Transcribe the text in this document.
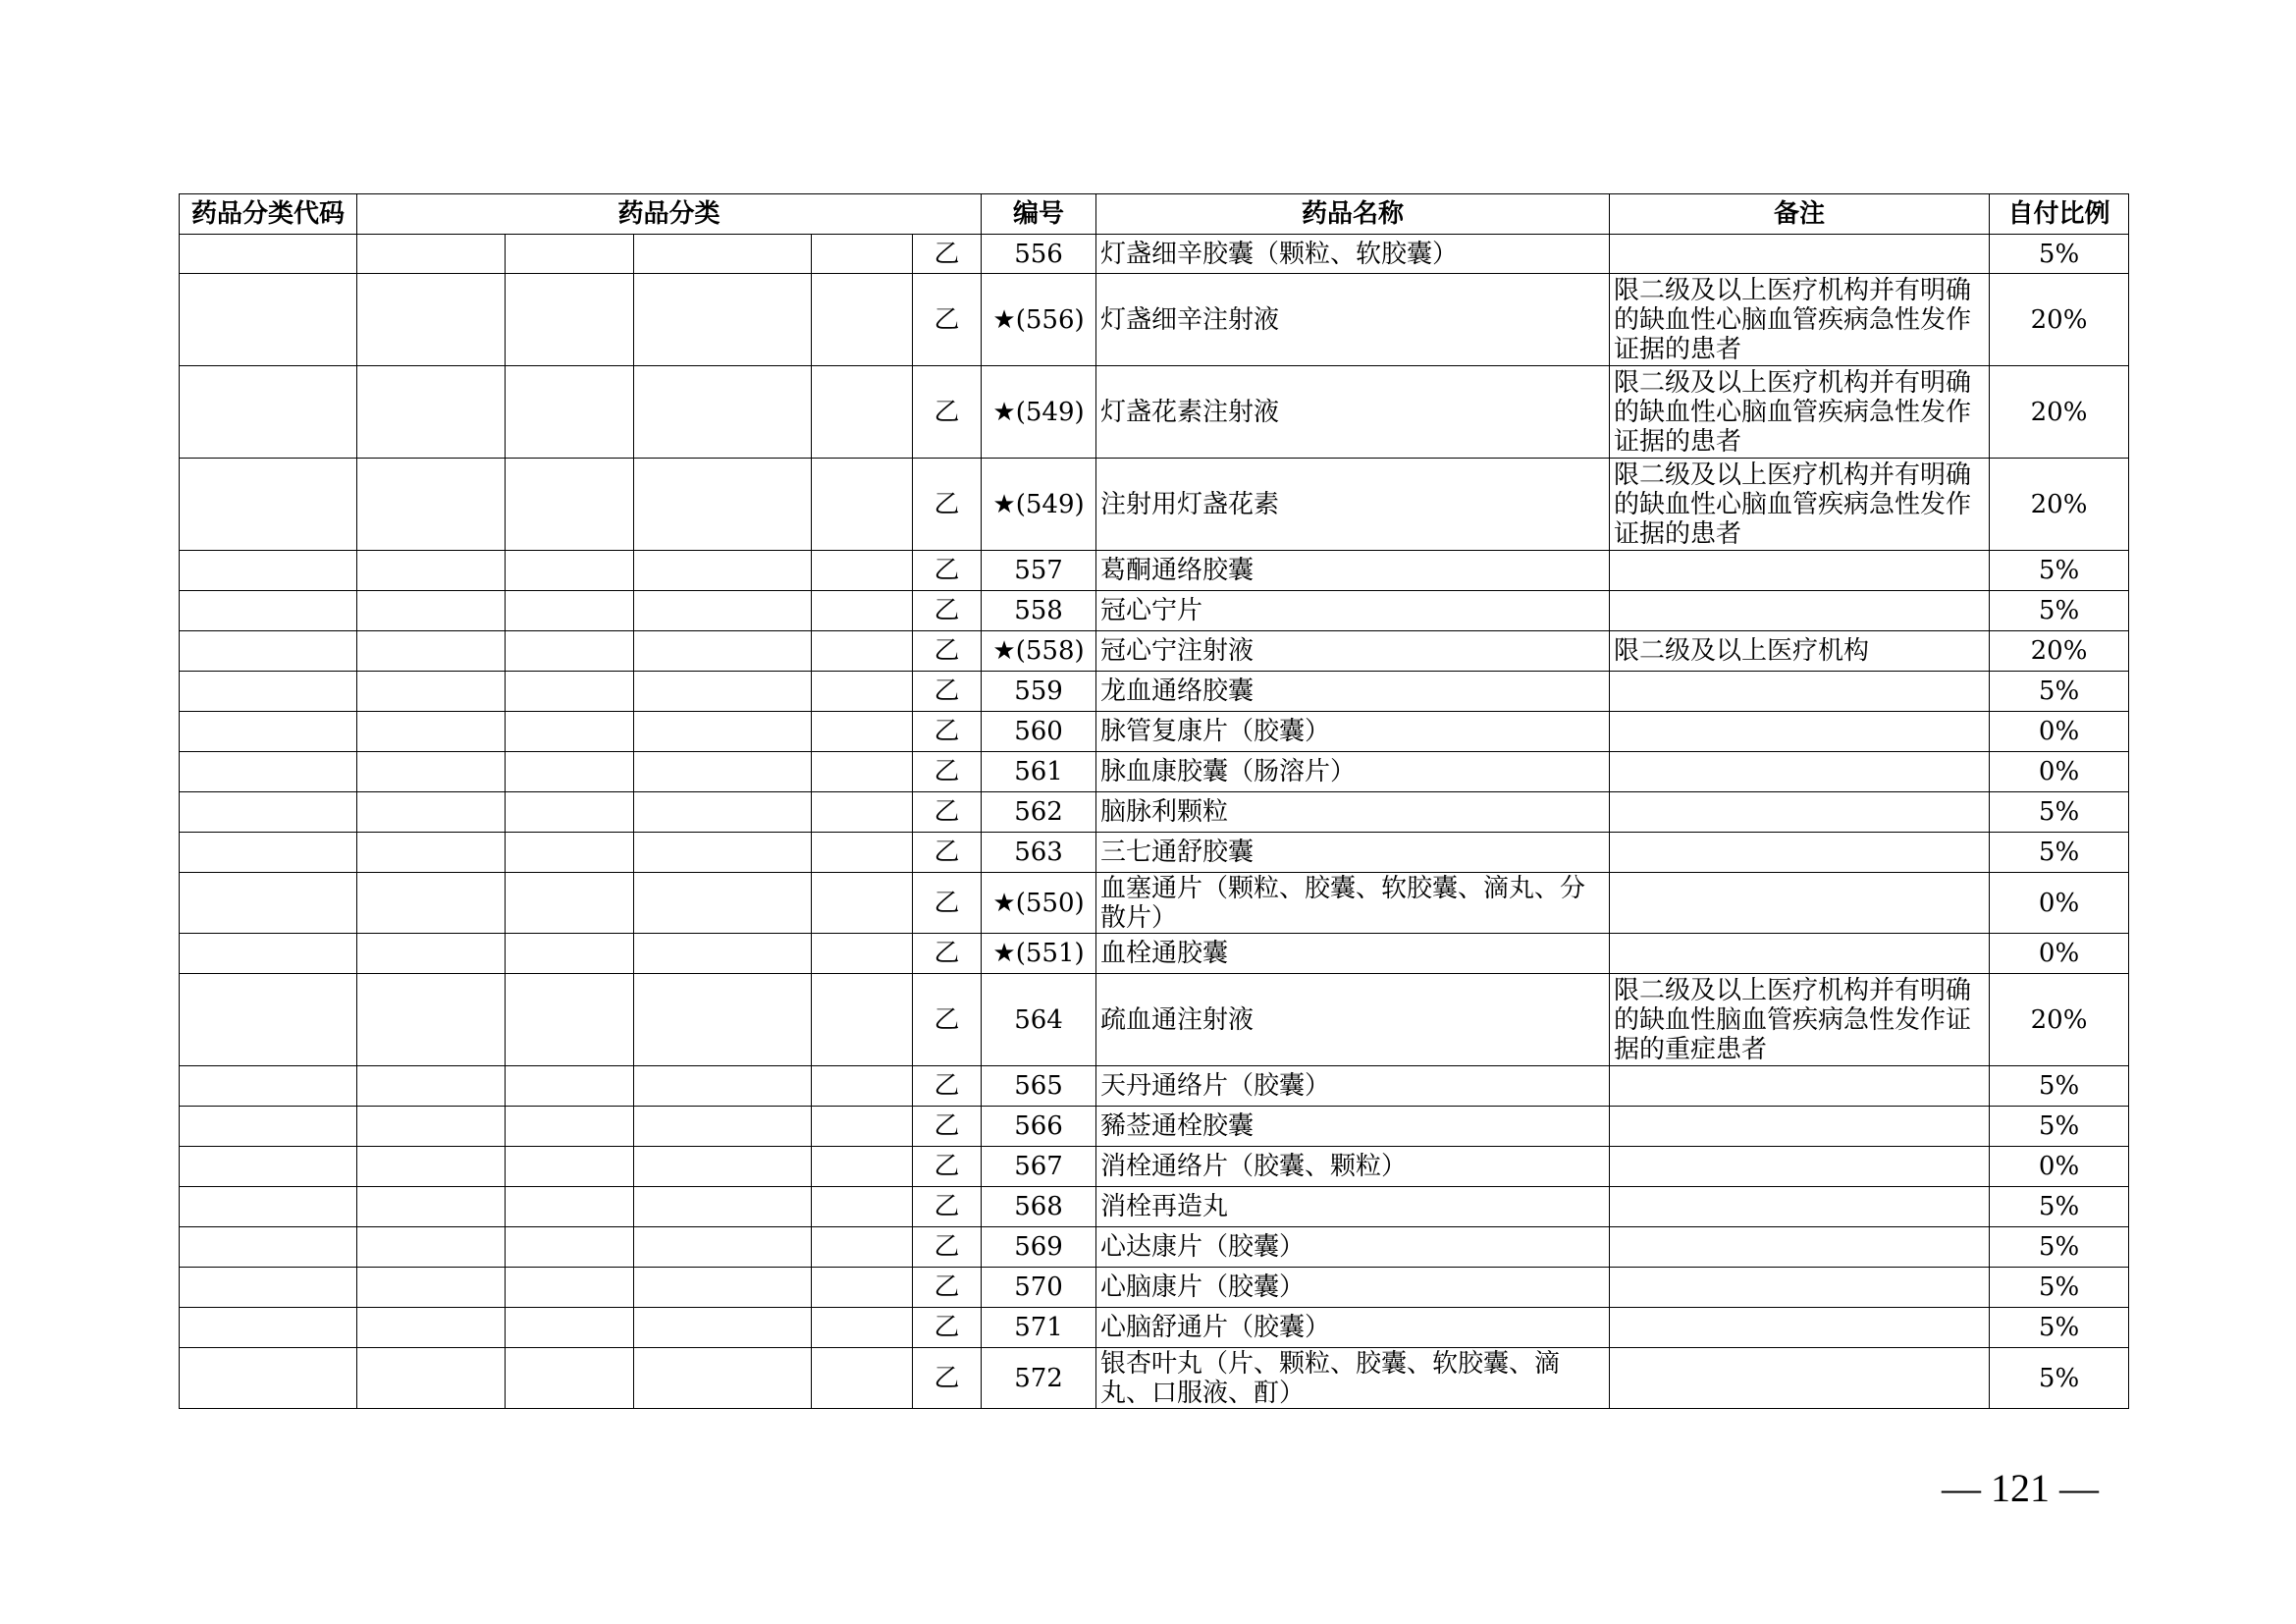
药品分类代码	药品分类					编号	药品名称	备注	自付比例
					乙	556	灯盏细辛胶囊（颗粒、软胶囊）		5%
					乙	★(556)	灯盏细辛注射液	限二级及以上医疗机构并有明确的缺血性心脑血管疾病急性发作证据的患者	20%
					乙	★(549)	灯盏花素注射液	限二级及以上医疗机构并有明确的缺血性心脑血管疾病急性发作证据的患者	20%
					乙	★(549)	注射用灯盏花素	限二级及以上医疗机构并有明确的缺血性心脑血管疾病急性发作证据的患者	20%
					乙	557	葛酮通络胶囊		5%
					乙	558	冠心宁片		5%
					乙	★(558)	冠心宁注射液	限二级及以上医疗机构	20%
					乙	559	龙血通络胶囊		5%
					乙	560	脉管复康片（胶囊）		0%
					乙	561	脉血康胶囊（肠溶片）		0%
					乙	562	脑脉利颗粒		5%
					乙	563	三七通舒胶囊		5%
					乙	★(550)	血塞通片（颗粒、胶囊、软胶囊、滴丸、分散片）		0%
					乙	★(551)	血栓通胶囊		0%
					乙	564	疏血通注射液	限二级及以上医疗机构并有明确的缺血性脑血管疾病急性发作证据的重症患者	20%
					乙	565	天丹通络片（胶囊）		5%
					乙	566	豨莶通栓胶囊		5%
					乙	567	消栓通络片（胶囊、颗粒）		0%
					乙	568	消栓再造丸		5%
					乙	569	心达康片（胶囊）		5%
					乙	570	心脑康片（胶囊）		5%
					乙	571	心脑舒通片（胶囊）		5%
					乙	572	银杏叶丸（片、颗粒、胶囊、软胶囊、滴丸、口服液、酊）		5%
— 121 —
